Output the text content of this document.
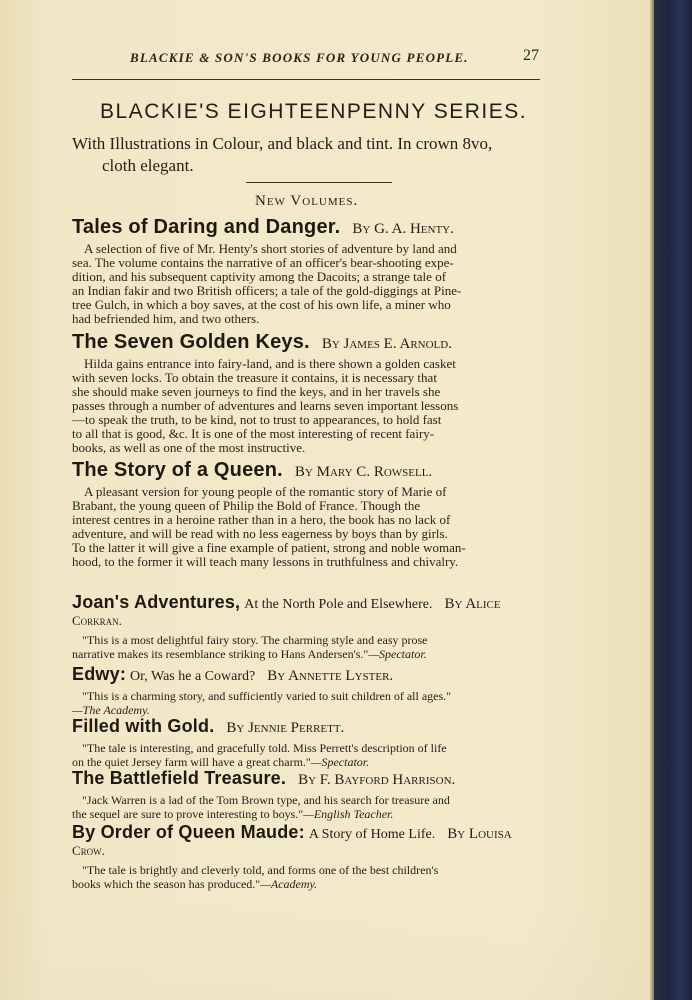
BLACKIE & SON'S BOOKS FOR YOUNG PEOPLE.	27
BLACKIE'S EIGHTEENPENNY SERIES.
With Illustrations in Colour, and black and tint. In crown 8vo,
cloth elegant.
New Volumes.
Tales of Daring and Danger. By G. A. Henty.
A selection of five of Mr. Henty's short stories of adventure by land and
sea. The volume contains the narrative of an officer's bear-shooting expe-
dition, and his subsequent captivity among the Dacoits; a strange tale of
an Indian fakir and two British officers; a tale of the gold-diggings at Pine-
tree Gulch, in which a boy saves, at the cost of his own life, a miner who
had befriended him, and two others.
The Seven Golden Keys. By James E. Arnold.
Hilda gains entrance into fairy-land, and is there shown a golden casket
with seven locks. To obtain the treasure it contains, it is necessary that
she should make seven journeys to find the keys, and in her travels she
passes through a number of adventures and learns seven important lessons
—to speak the truth, to be kind, not to trust to appearances, to hold fast
to all that is good, &c. It is one of the most interesting of recent fairy-
books, as well as one of the most instructive.
The Story of a Queen. By Mary C. Rowsell.
A pleasant version for young people of the romantic story of Marie of
Brabant, the young queen of Philip the Bold of France. Though the
interest centres in a heroine rather than in a hero, the book has no lack of
adventure, and will be read with no less eagerness by boys than by girls.
To the latter it will give a fine example of patient, strong and noble woman-
hood, to the former it will teach many lessons in truthfulness and chivalry.
Joan's Adventures, At the North Pole and Elsewhere. By Alice
Corkran.
"This is a most delightful fairy story. The charming style and easy prose
narrative makes its resemblance striking to Hans Andersen's."—Spectator.
Edwy: Or, Was he a Coward? By Annette Lyster.
"This is a charming story, and sufficiently varied to suit children of all ages."
—The Academy.
Filled with Gold. By Jennie Perrett.
"The tale is interesting, and gracefully told. Miss Perrett's description of life
on the quiet Jersey farm will have a great charm."—Spectator.
The Battlefield Treasure. By F. Bayford Harrison.
"Jack Warren is a lad of the Tom Brown type, and his search for treasure and
the sequel are sure to prove interesting to boys."—English Teacher.
By Order of Queen Maude: A Story of Home Life. By Louisa
Crow.
"The tale is brightly and cleverly told, and forms one of the best children's
books which the season has produced."—Academy.
